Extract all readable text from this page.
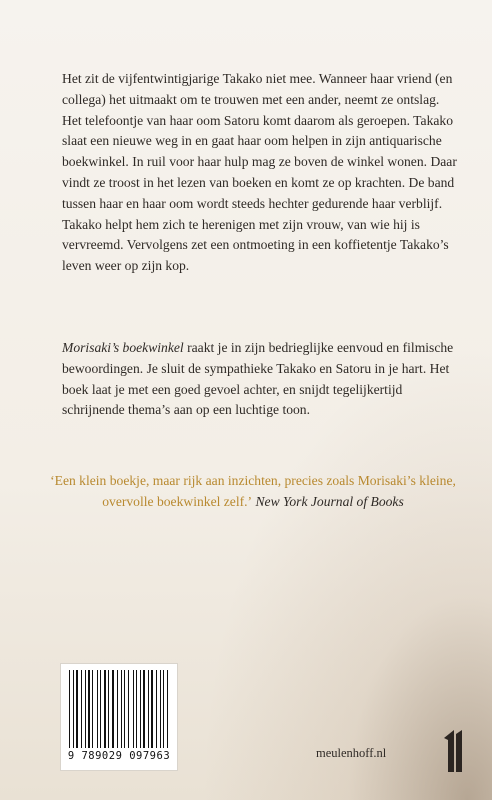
Het zit de vijfentwintigjarige Takako niet mee. Wanneer haar vriend (en collega) het uitmaakt om te trouwen met een ander, neemt ze ontslag. Het telefoontje van haar oom Satoru komt daarom als geroepen. Takako slaat een nieuwe weg in en gaat haar oom helpen in zijn antiquarische boekwinkel. In ruil voor haar hulp mag ze boven de winkel wonen. Daar vindt ze troost in het lezen van boeken en komt ze op krachten. De band tussen haar en haar oom wordt steeds hechter gedurende haar verblijf. Takako helpt hem zich te herenigen met zijn vrouw, van wie hij is vervreemd. Vervolgens zet een ontmoeting in een koffietentje Takako’s leven weer op zijn kop.

Morisaki’s boekwinkel raakt je in zijn bedrieglijke eenvoud en filmische bewoordingen. Je sluit de sympathieke Takako en Satoru in je hart. Het boek laat je met een goed gevoel achter, en snijdt tegelijkertijd schrijnende thema’s aan op een luchtige toon.

‘Een klein boekje, maar rijk aan inzichten, precies zoals Morisaki’s kleine, overvolle boekwinkel zelf.’ New York Journal of Books

9 789029 097963	meulenhoff.nl
